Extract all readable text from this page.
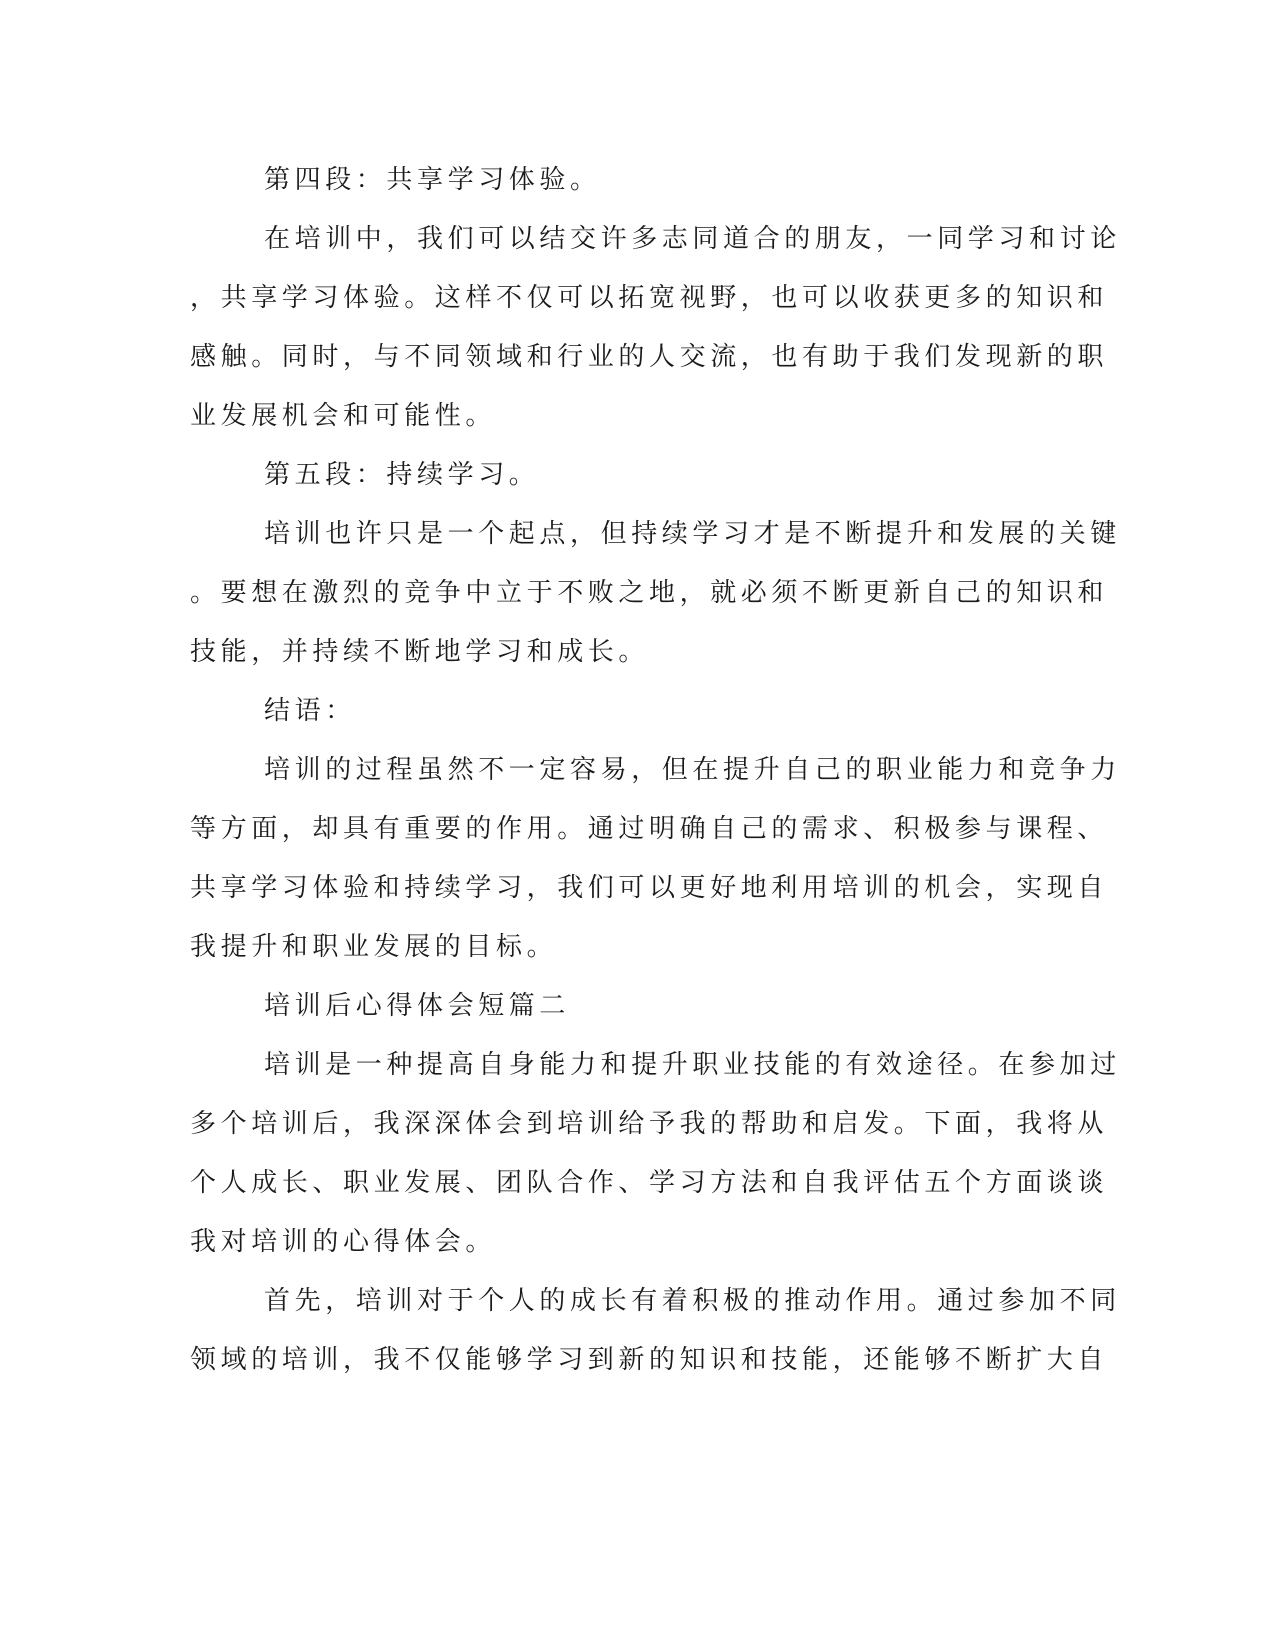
第四段：共享学习体验。

在培训中，我们可以结交许多志同道合的朋友，一同学习和讨论

，共享学习体验。这样不仅可以拓宽视野，也可以收获更多的知识和

感触。同时，与不同领域和行业的人交流，也有助于我们发现新的职

业发展机会和可能性。

第五段：持续学习。

培训也许只是一个起点，但持续学习才是不断提升和发展的关键

。要想在激烈的竞争中立于不败之地，就必须不断更新自己的知识和

技能，并持续不断地学习和成长。

结语：

培训的过程虽然不一定容易，但在提升自己的职业能力和竞争力

等方面，却具有重要的作用。通过明确自己的需求、积极参与课程、

共享学习体验和持续学习，我们可以更好地利用培训的机会，实现自

我提升和职业发展的目标。

培训后心得体会短篇二

培训是一种提高自身能力和提升职业技能的有效途径。在参加过

多个培训后，我深深体会到培训给予我的帮助和启发。下面，我将从

个人成长、职业发展、团队合作、学习方法和自我评估五个方面谈谈

我对培训的心得体会。

首先，培训对于个人的成长有着积极的推动作用。通过参加不同

领域的培训，我不仅能够学习到新的知识和技能，还能够不断扩大自
